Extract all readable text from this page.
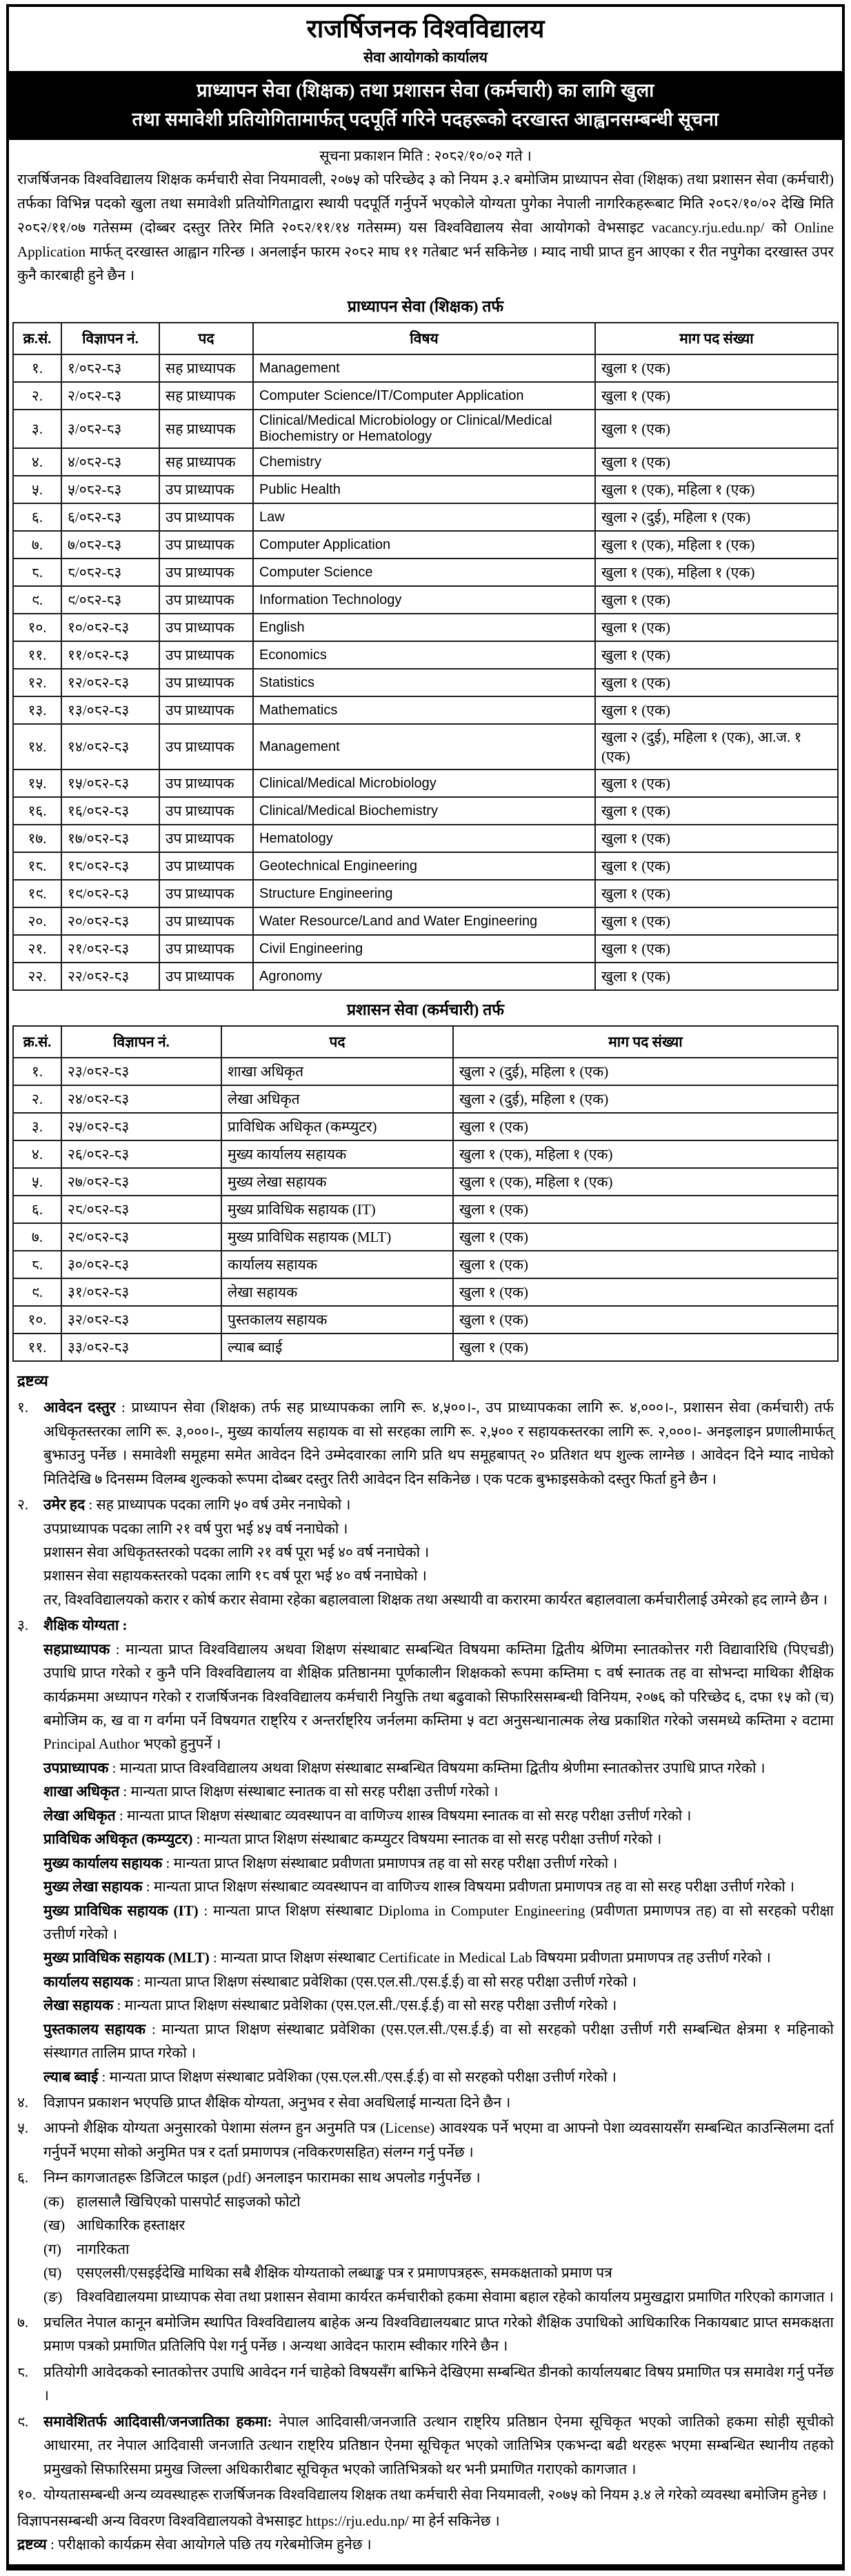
राजर्षिजनक विश्वविद्यालय
सेवा आयोगको कार्यालय
प्राध्यापन सेवा (शिक्षक) तथा प्रशासन सेवा (कर्मचारी) का लागि खुला
तथा समावेशी प्रतियोगितामार्फत् पदपूर्ति गरिने पदहरूको दरखास्त आह्वानसम्बन्धी सूचना
सूचना प्रकाशन मिति : २०८२/१०/०२ गते ।
राजर्षिजनक विश्वविद्यालय शिक्षक कर्मचारी सेवा नियमावली, २०७५ को परिच्छेद ३ को नियम ३.२ बमोजिम प्राध्यापन सेवा (शिक्षक) तथा प्रशासन सेवा (कर्मचारी) तर्फका विभिन्न पदको खुला तथा समावेशी प्रतियोगिताद्वारा स्थायी पदपूर्ति गर्नुपर्ने भएकोले योग्यता पुगेका नेपाली नागरिकहरूबाट मिति २०८२/१०/०२ देखि मिति २०८२/११/०७ गतेसम्म (दोब्बर दस्तुर तिरेर मिति २०८२/११/१४ गतेसम्म) यस विश्वविद्यालय सेवा आयोगको वेभसाइट vacancy.rju.edu.np/ को Online Application मार्फत् दरखास्त आह्वान गरिन्छ । अनलाईन फारम २०८२ माघ ११ गतेबाट भर्न सकिनेछ । म्याद नाघी प्राप्त हुन आएका र रीत नपुगेका दरखास्त उपर कुनै कारबाही हुने छैन ।
प्राध्यापन सेवा (शिक्षक) तर्फ
क्र.सं.	विज्ञापन नं.	पद	विषय	माग पद संख्या
१.	१/०८२-८३	सह प्राध्यापक	Management	खुला १ (एक)
२.	२/०८२-८३	सह प्राध्यापक	Computer Science/IT/Computer Application	खुला १ (एक)
३.	३/०८२-८३	सह प्राध्यापक	Clinical/Medical Microbiology or Clinical/Medical Biochemistry or Hematology	खुला १ (एक)
४.	४/०८२-८३	सह प्राध्यापक	Chemistry	खुला १ (एक)
५.	५/०८२-८३	उप प्राध्यापक	Public Health	खुला १ (एक), महिला १ (एक)
६.	६/०८२-८३	उप प्राध्यापक	Law	खुला २ (दुई), महिला १ (एक)
७.	७/०८२-८३	उप प्राध्यापक	Computer Application	खुला १ (एक), महिला १ (एक)
८.	८/०८२-८३	उप प्राध्यापक	Computer Science	खुला १ (एक), महिला १ (एक)
९.	९/०८२-८३	उप प्राध्यापक	Information Technology	खुला १ (एक)
१०.	१०/०८२-८३	उप प्राध्यापक	English	खुला १ (एक)
११.	११/०८२-८३	उप प्राध्यापक	Economics	खुला १ (एक)
१२.	१२/०८२-८३	उप प्राध्यापक	Statistics	खुला १ (एक)
१३.	१३/०८२-८३	उप प्राध्यापक	Mathematics	खुला १ (एक)
१४.	१४/०८२-८३	उप प्राध्यापक	Management	खुला २ (दुई), महिला १ (एक), आ.ज. १ (एक)
१५.	१५/०८२-८३	उप प्राध्यापक	Clinical/Medical Microbiology	खुला १ (एक)
१६.	१६/०८२-८३	उप प्राध्यापक	Clinical/Medical Biochemistry	खुला १ (एक)
१७.	१७/०८२-८३	उप प्राध्यापक	Hematology	खुला १ (एक)
१८.	१८/०८२-८३	उप प्राध्यापक	Geotechnical Engineering	खुला १ (एक)
१९.	१९/०८२-८३	उप प्राध्यापक	Structure Engineering	खुला १ (एक)
२०.	२०/०८२-८३	उप प्राध्यापक	Water Resource/Land and Water Engineering	खुला १ (एक)
२१.	२१/०८२-८३	उप प्राध्यापक	Civil Engineering	खुला १ (एक)
२२.	२२/०८२-८३	उप प्राध्यापक	Agronomy	खुला १ (एक)
प्रशासन सेवा (कर्मचारी) तर्फ
क्र.सं.	विज्ञापन नं.	पद	माग पद संख्या
१.	२३/०८२-८३	शाखा अधिकृत	खुला २ (दुई), महिला १ (एक)
२.	२४/०८२-८३	लेखा अधिकृत	खुला २ (दुई), महिला १ (एक)
३.	२५/०८२-८३	प्राविधिक अधिकृत (कम्प्युटर)	खुला १ (एक)
४.	२६/०८२-८३	मुख्य कार्यालय सहायक	खुला १ (एक), महिला १ (एक)
५.	२७/०८२-८३	मुख्य लेखा सहायक	खुला १ (एक), महिला १ (एक)
६.	२८/०८२-८३	मुख्य प्राविधिक सहायक (IT)	खुला १ (एक)
७.	२९/०८२-८३	मुख्य प्राविधिक सहायक (MLT)	खुला १ (एक)
८.	३०/०८२-८३	कार्यालय सहायक	खुला १ (एक)
९.	३१/०८२-८३	लेखा सहायक	खुला १ (एक)
१०.	३२/०८२-८३	पुस्तकालय सहायक	खुला १ (एक)
११.	३३/०८२-८३	ल्याब ब्वाई	खुला १ (एक)
द्रष्टव्य
१.	आवेदन दस्तुर : प्राध्यापन सेवा (शिक्षक) तर्फ सह प्राध्यापकका लागि रू. ४,५००।-, उप प्राध्यापकका लागि रू. ४,०००।-, प्रशासन सेवा (कर्मचारी) तर्फ अधिकृतस्तरका लागि रू. ३,०००।-, मुख्य कार्यालय सहायक वा सो सरहका लागि रू. २,५०० र सहायकस्तरका लागि रू. २,०००।- अनइलाइन प्रणालीमार्फत् बुझाउनु पर्नेछ । समावेशी समूहमा समेत आवेदन दिने उम्मेदवारका लागि प्रति थप समूहबापत् २० प्रतिशत थप शुल्क लाग्नेछ । आवेदन दिने म्याद नाघेको मितिदेखि ७ दिनसम्म विलम्ब शुल्कको रूपमा दोब्बर दस्तुर तिरी आवेदन दिन सकिनेछ । एक पटक बुझाइसकेको दस्तुर फिर्ता हुने छैन ।
२.	उमेर हद : सह प्राध्यापक पदका लागि ५० वर्ष उमेर ननाघेको ।
उपप्राध्यापक पदका लागि २१ वर्ष पुरा भई ४५ वर्ष ननाघेको ।
प्रशासन सेवा अधिकृतस्तरको पदका लागि २१ वर्ष पूरा भई ४० वर्ष ननाघेको ।
प्रशासन सेवा सहायकस्तरको पदका लागि १८ वर्ष पूरा भई ४० वर्ष ननाघेको ।
तर, विश्वविद्यालयको करार र कोर्ष करार सेवामा रहेका बहालवाला शिक्षक तथा अस्थायी वा करारमा कार्यरत बहालवाला कर्मचारीलाई उमेरको हद लाग्ने छैन ।
३.	शैक्षिक योग्यता :
सहप्राध्यापक : मान्यता प्राप्त विश्वविद्यालय अथवा शिक्षण संस्थाबाट सम्बन्धित विषयमा कम्तिमा द्वितीय श्रेणिमा स्नातकोत्तर गरी विद्यावारिधि (पिएचडी) उपाधि प्राप्त गरेको र कुनै पनि विश्वविद्यालय वा शैक्षिक प्रतिष्ठानमा पूर्णकालीन शिक्षकको रूपमा कम्तिमा ८ वर्ष स्नातक तह वा सोभन्दा माथिका शैक्षिक कार्यक्रममा अध्यापन गरेको र राजर्षिजनक विश्वविद्यालय कर्मचारी नियुक्ति तथा बढुवाको सिफारिससम्बन्धी विनियम, २०७६ को परिच्छेद ६, दफा १५ को (च) बमोजिम क, ख वा ग वर्गमा पर्ने विषयगत राष्ट्रिय र अन्तर्राष्ट्रिय जर्नलमा कम्तिमा ५ वटा अनुसन्धानात्मक लेख प्रकाशित गरेको जसमध्ये कम्तिमा २ वटामा Principal Author भएको हुनुपर्ने ।
उपप्राध्यापक : मान्यता प्राप्त विश्वविद्यालय अथवा शिक्षण संस्थाबाट सम्बन्धित विषयमा कम्तिमा द्वितीय श्रेणीमा स्नातकोत्तर उपाधि प्राप्त गरेको ।
शाखा अधिकृत : मान्यता प्राप्त शिक्षण संस्थाबाट स्नातक वा सो सरह परीक्षा उत्तीर्ण गरेको ।
लेखा अधिकृत : मान्यता प्राप्त शिक्षण संस्थाबाट व्यवस्थापन वा वाणिज्य शास्त्र विषयमा स्नातक वा सो सरह परीक्षा उत्तीर्ण गरेको ।
प्राविधिक अधिकृत (कम्प्युटर) : मान्यता प्राप्त शिक्षण संस्थाबाट कम्प्युटर विषयमा स्नातक वा सो सरह परीक्षा उत्तीर्ण गरेको ।
मुख्य कार्यालय सहायक : मान्यता प्राप्त शिक्षण संस्थाबाट प्रवीणता प्रमाणपत्र तह वा सो सरह परीक्षा उत्तीर्ण गरेको ।
मुख्य लेखा सहायक : मान्यता प्राप्त शिक्षण संस्थाबाट व्यवस्थापन वा वाणिज्य शास्त्र विषयमा प्रवीणता प्रमाणपत्र तह वा सो सरह परीक्षा उत्तीर्ण गरेको ।
मुख्य प्राविधिक सहायक (IT) : मान्यता प्राप्त शिक्षण संस्थाबाट Diploma in Computer Engineering (प्रवीणता प्रमाणपत्र तह) वा सो सरहको परीक्षा उत्तीर्ण गरेको ।
मुख्य प्राविधिक सहायक (MLT) : मान्यता प्राप्त शिक्षण संस्थाबाट Certificate in Medical Lab विषयमा प्रवीणता प्रमाणपत्र तह उत्तीर्ण गरेको ।
कार्यालय सहायक : मान्यता प्राप्त शिक्षण संस्थाबाट प्रवेशिका (एस.एल.सी./एस.ई.ई) वा सो सरह परीक्षा उत्तीर्ण गरेको ।
लेखा सहायक : मान्यता प्राप्त शिक्षण संस्थाबाट प्रवेशिका (एस.एल.सी./एस.ई.ई) वा सो सरह परीक्षा उत्तीर्ण गरेको ।
पुस्तकालय सहायक : मान्यता प्राप्त शिक्षण संस्थाबाट प्रवेशिका (एस.एल.सी./एस.ई.ई) वा सो सरहको परीक्षा उत्तीर्ण गरी सम्बन्धित क्षेत्रमा १ महिनाको संस्थागत तालिम प्राप्त गरेको ।
ल्याब ब्वाई : मान्यता प्राप्त शिक्षण संस्थाबाट प्रवेशिका (एस.एल.सी./एस.ई.ई) वा सो सरहको परीक्षा उत्तीर्ण गरेको ।
४.	विज्ञापन प्रकाशन भएपछि प्राप्त शैक्षिक योग्यता, अनुभव र सेवा अवधिलाई मान्यता दिने छैन ।
५.	आफ्नो शैक्षिक योग्यता अनुसारको पेशामा संलग्न हुन अनुमति पत्र (License) आवश्यक पर्ने भएमा वा आफ्नो पेशा व्यवसायसँग सम्बन्धित काउन्सिलमा दर्ता गर्नुपर्ने भएमा सोको अनुमित पत्र र दर्ता प्रमाणपत्र (नविकरणसहित) संलग्न गर्नु पर्नेछ ।
६.	निम्न कागजातहरू डिजिटल फाइल (pdf) अनलाइन फारामका साथ अपलोड गर्नुपर्नेछ ।
(क) हालसालै खिचिएको पासपोर्ट साइजको फोटो
(ख) आधिकारिक हस्ताक्षर
(ग)	नागरिकता
(घ)	एसएलसी/एसइईदेखि माथिका सबै शैक्षिक योग्यताको लब्धाङ्क पत्र र प्रमाणपत्रहरू, समकक्षताको प्रमाण पत्र
(ङ) विश्वविद्यालयमा प्राध्यापक सेवा तथा प्रशासन सेवामा कार्यरत कर्मचारीको हकमा सेवामा बहाल रहेको कार्यालय प्रमुखद्वारा प्रमाणित गरिएको कागजात ।
७.	प्रचलित नेपाल कानून बमोजिम स्थापित विश्वविद्यालय बाहेक अन्य विश्वविद्यालयबाट प्राप्त गरेको शैक्षिक उपाधिको आधिकारिक निकायबाट प्राप्त समकक्षता प्रमाण पत्रको प्रमाणित प्रतिलिपि पेश गर्नु पर्नेछ । अन्यथा आवेदन फाराम स्वीकार गरिने छैन ।
८.	प्रतियोगी आवेदकको स्नातकोत्तर उपाधि आवेदन गर्न चाहेको विषयसँग बाझिने देखिएमा सम्बन्धित डीनको कार्यालयबाट विषय प्रमाणित पत्र समावेश गर्नु पर्नेछ ।
९.	समावेशितर्फ आदिवासी/जनजातिका हकमा: नेपाल आदिवासी/जनजाति उत्थान राष्ट्रिय प्रतिष्ठान ऐनमा सूचिकृत भएको जातिको हकमा सोही सूचीको आधारमा, तर नेपाल आदिवासी जनजाति उत्थान राष्ट्रिय प्रतिष्ठान ऐनमा सूचिकृत भएको जातिभित्र एकभन्दा बढी थरहरू भएमा सम्बन्धित स्थानीय तहको प्रमुखको सिफारिसमा प्रमुख जिल्ला अधिकारीबाट सूचिकृत भएको जातिभित्रको थर भनी प्रमाणित गराएको कागजात ।
१०. योग्यतासम्बन्धी अन्य व्यवस्थाहरू राजर्षिजनक विश्वविद्यालय शिक्षक तथा कर्मचारी सेवा नियमावली, २०७५ को नियम ३.४ ले गरेको व्यवस्था बमोजिम हुनेछ ।
विज्ञापनसम्बन्धी अन्य विवरण विश्वविद्यालयको वेभसाइट https://rju.edu.np/ मा हेर्न सकिनेछ ।
द्रष्टव्य : परीक्षाको कार्यक्रम सेवा आयोगले पछि तय गरेबमोजिम हुनेछ ।
